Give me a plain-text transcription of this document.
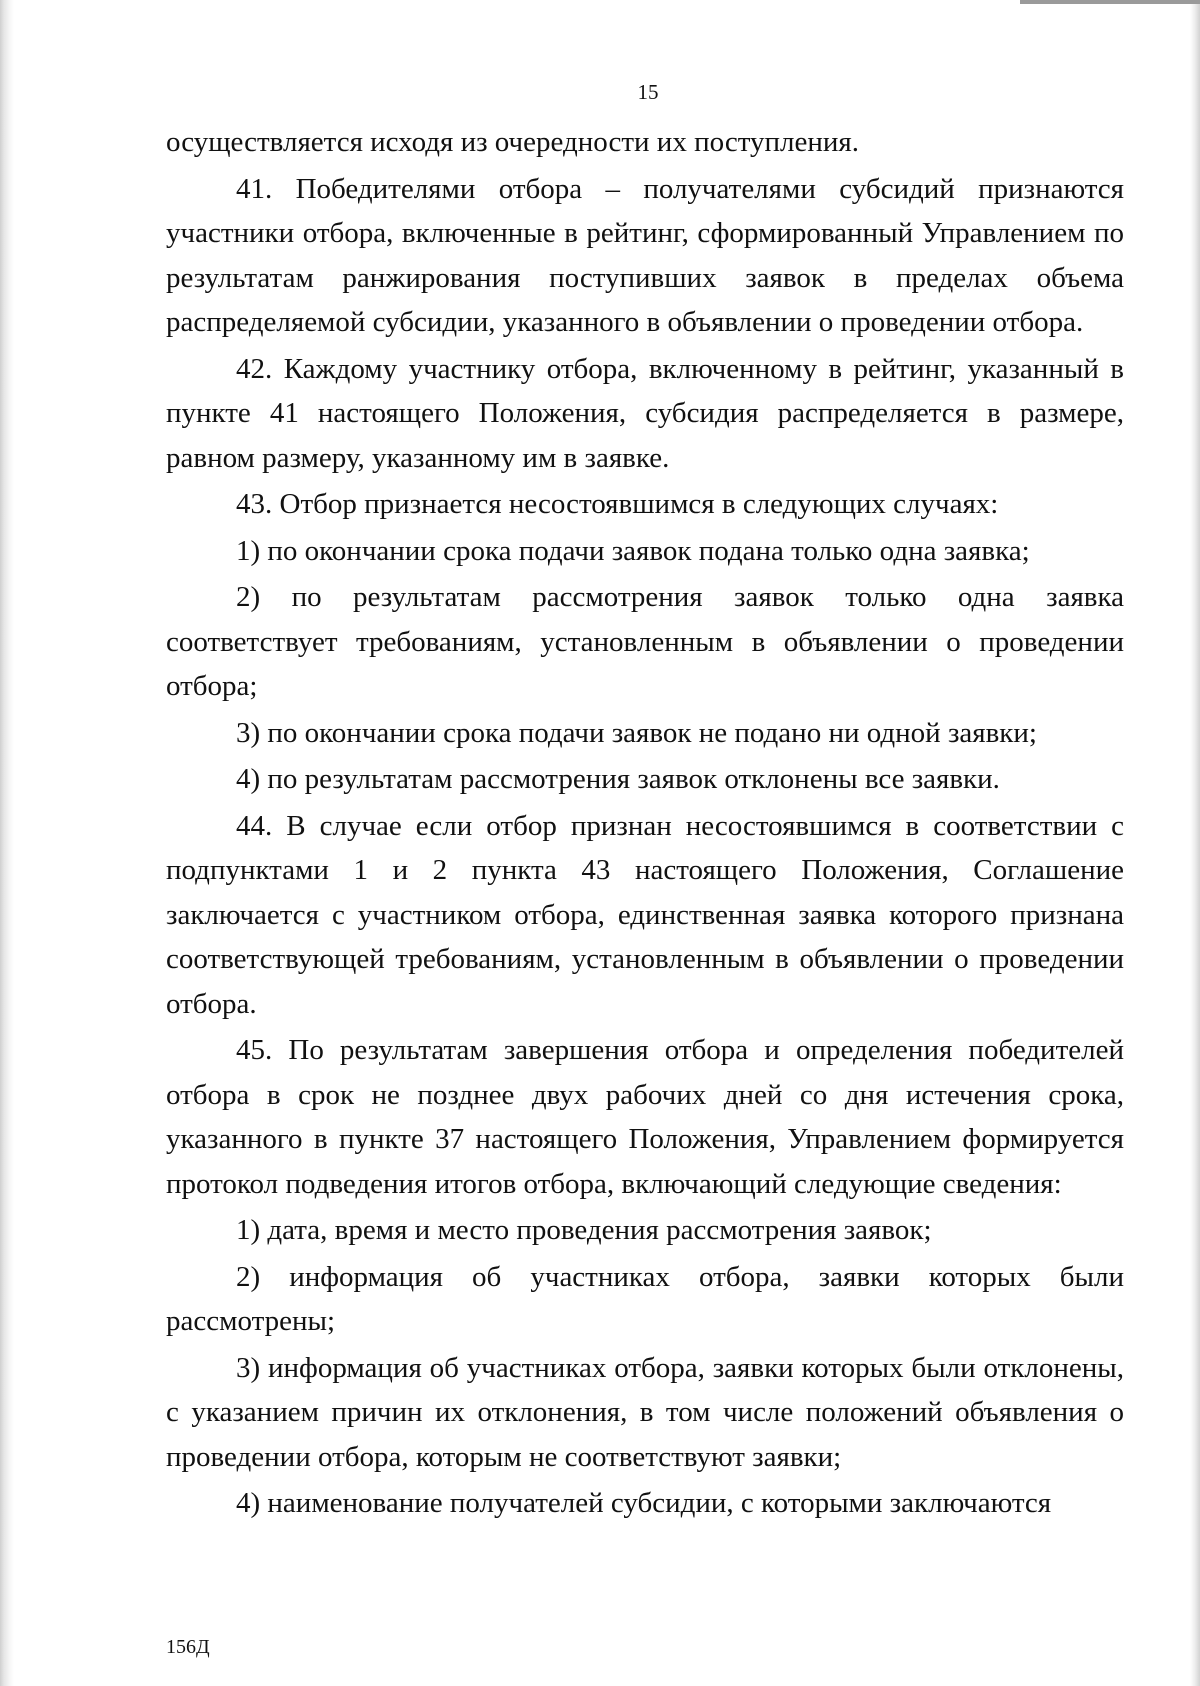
15

осуществляется исходя из очередности их поступления.

41. Победителями отбора – получателями субсидий признаются участники отбора, включенные в рейтинг, сформированный Управлением по результатам ранжирования поступивших заявок в пределах объема распределяемой субсидии, указанного в объявлении о проведении отбора.

42. Каждому участнику отбора, включенному в рейтинг, указанный в пункте 41 настоящего Положения, субсидия распределяется в размере, равном размеру, указанному им в заявке.

43. Отбор признается несостоявшимся в следующих случаях:

1) по окончании срока подачи заявок подана только одна заявка;

2) по результатам рассмотрения заявок только одна заявка соответствует требованиям, установленным в объявлении о проведении отбора;

3) по окончании срока подачи заявок не подано ни одной заявки;

4) по результатам рассмотрения заявок отклонены все заявки.

44. В случае если отбор признан несостоявшимся в соответствии с подпунктами 1 и 2 пункта 43 настоящего Положения, Соглашение заключается с участником отбора, единственная заявка которого признана соответствующей требованиям, установленным в объявлении о проведении отбора.

45. По результатам завершения отбора и определения победителей отбора в срок не позднее двух рабочих дней со дня истечения срока, указанного в пункте 37 настоящего Положения, Управлением формируется протокол подведения итогов отбора, включающий следующие сведения:

1) дата, время и место проведения рассмотрения заявок;

2) информация об участниках отбора, заявки которых были рассмотрены;

3) информация об участниках отбора, заявки которых были отклонены, с указанием причин их отклонения, в том числе положений объявления о проведении отбора, которым не соответствуют заявки;

4) наименование получателей субсидии, с которыми заключаются

156Д
